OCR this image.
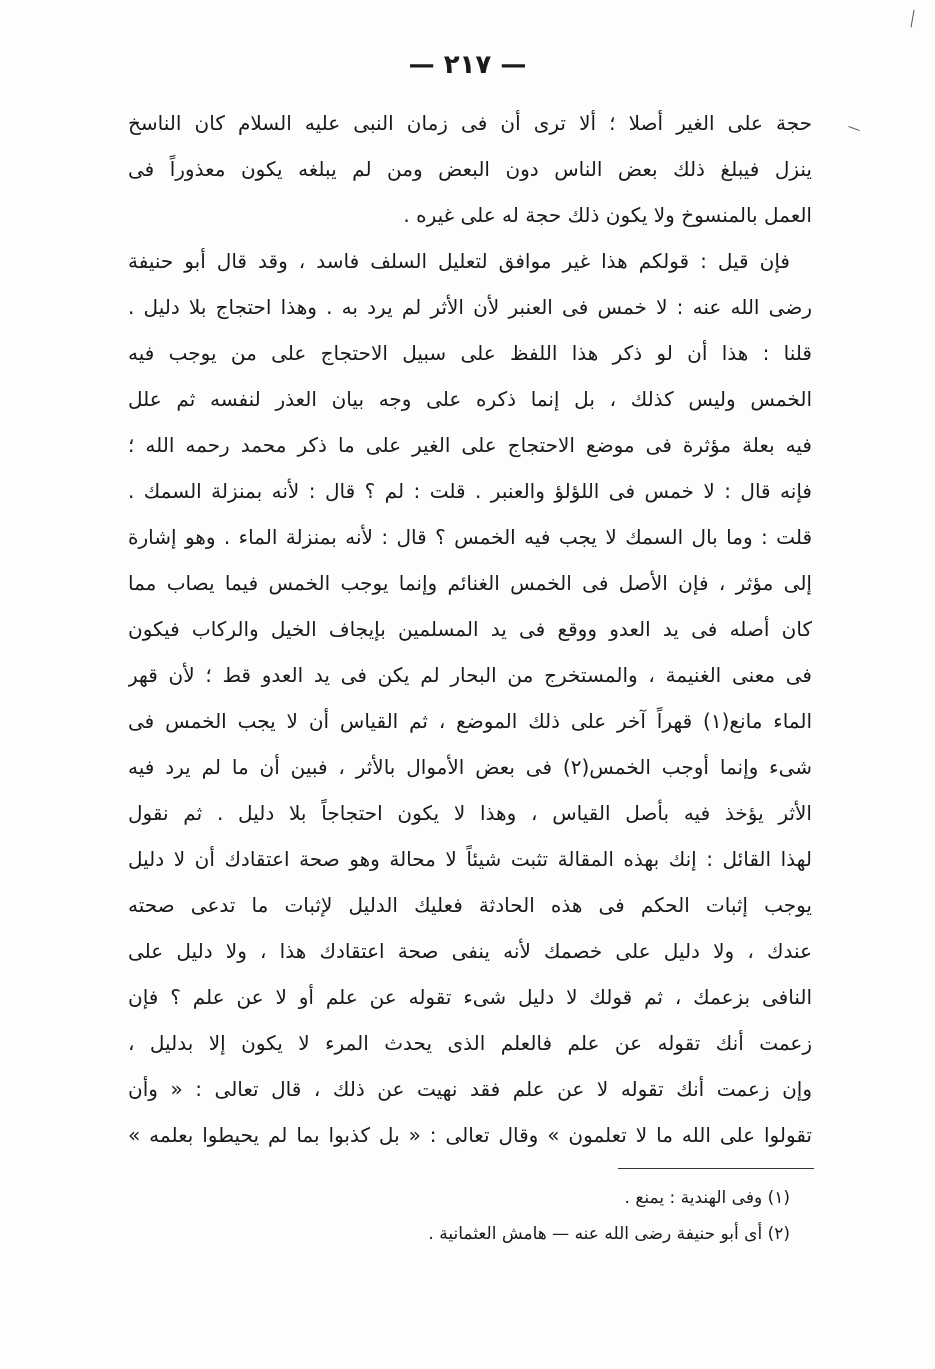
— ٢١٧ —
حجة على الغير أصلا ؛ ألا ترى أن فى زمان النبى عليه السلام كان الناسخ
ينزل فيبلغ ذلك بعض الناس دون البعض ومن لم يبلغه يكون معذوراً فى
العمل بالمنسوخ ولا يكون ذلك حجة له على غيره .
فإن قيل : قولكم هذا غير موافق لتعليل السلف فاسد ، وقد قال أبو حنيفة
رضى الله عنه : لا خمس فى العنبر لأن الأثر لم يرد به . وهذا احتجاج بلا دليل .
قلنا : هذا أن لو ذكر هذا اللفظ على سبيل الاحتجاج على من يوجب فيه
الخمس وليس كذلك ، بل إنما ذكره على وجه بيان العذر لنفسه ثم علل
فيه بعلة مؤثرة فى موضع الاحتجاج على الغير على ما ذكر محمد رحمه الله ؛
فإنه قال : لا خمس فى اللؤلؤ والعنبر . قلت : لم ؟ قال : لأنه بمنزلة السمك .
قلت : وما بال السمك لا يجب فيه الخمس ؟ قال : لأنه بمنزلة الماء . وهو إشارة
إلى مؤثر ، فإن الأصل فى الخمس الغنائم وإنما يوجب الخمس فيما يصاب مما
كان أصله فى يد العدو ووقع فى يد المسلمين بإيجاف الخيل والركاب فيكون
فى معنى الغنيمة ، والمستخرج من البحار لم يكن فى يد العدو قط ؛ لأن قهر
الماء مانع(١) قهراً آخر على ذلك الموضع ، ثم القياس أن لا يجب الخمس فى
شىء وإنما أوجب الخمس(٢) فى بعض الأموال بالأثر ، فبين أن ما لم يرد فيه
الأثر يؤخذ فيه بأصل القياس ، وهذا لا يكون احتجاجاً بلا دليل . ثم نقول
لهذا القائل : إنك بهذه المقالة تثبت شيئاً لا محالة وهو صحة اعتقادك أن لا دليل
يوجب إثبات الحكم فى هذه الحادثة فعليك الدليل لإثبات ما تدعى صحته
عندك ، ولا دليل على خصمك لأنه ينفى صحة اعتقادك هذا ، ولا دليل على
النافى بزعمك ، ثم قولك لا دليل شىء تقوله عن علم أو لا عن علم ؟ فإن
زعمت أنك تقوله عن علم فالعلم الذى يحدث المرء لا يكون إلا بدليل ،
وإن زعمت أنك تقوله لا عن علم فقد نهيت عن ذلك ، قال تعالى : « وأن
تقولوا على الله ما لا تعلمون » وقال تعالى : « بل كذبوا بما لم يحيطوا بعلمه »
(١) وفى الهندية : يمنع .
(٢) أى أبو حنيفة رضى الله عنه — هامش العثمانية .
